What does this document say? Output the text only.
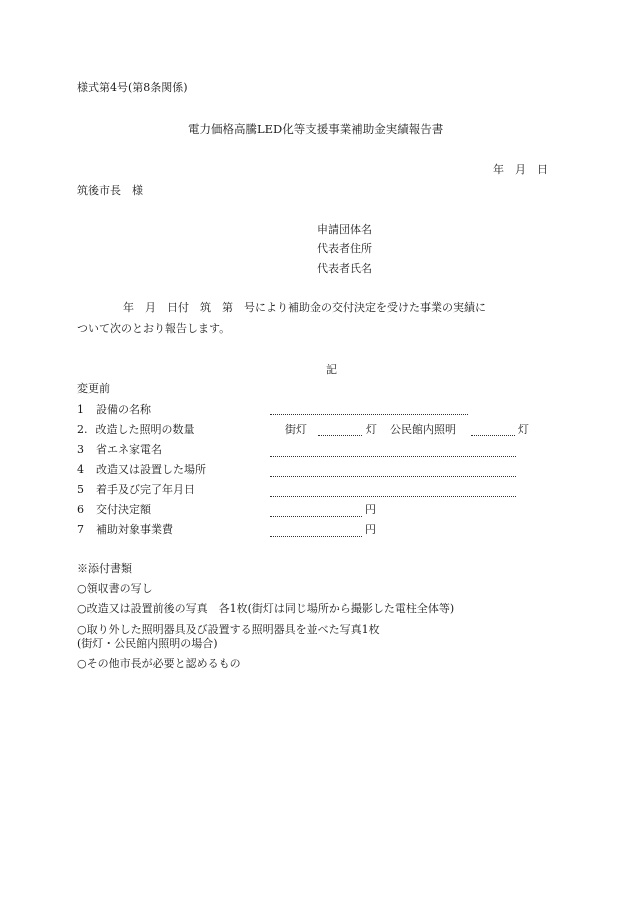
様式第4号(第8条関係)
電力価格高騰LED化等支援事業補助金実績報告書
年　月　日
筑後市長　様
申請団体名
代表者住所
代表者氏名
　年　月　日付　筑　第　号により補助金の交付決定を受けた事業の実績に
ついて次のとおり報告します。
記
変更前
1 設備の名称
2. 改造した照明の数量	街灯	灯 公民館内照明	灯
3 省エネ家電名
4 改造又は設置した場所
5 着手及び完了年月日
6 交付決定額	円
7 補助対象事業費	円
※添付書類
○領収書の写し
○改造又は設置前後の写真　各1枚(街灯は同じ場所から撮影した電柱全体等)
○取り外した照明器具及び設置する照明器具を並べた写真1枚
(街灯・公民館内照明の場合)
○その他市長が必要と認めるもの
